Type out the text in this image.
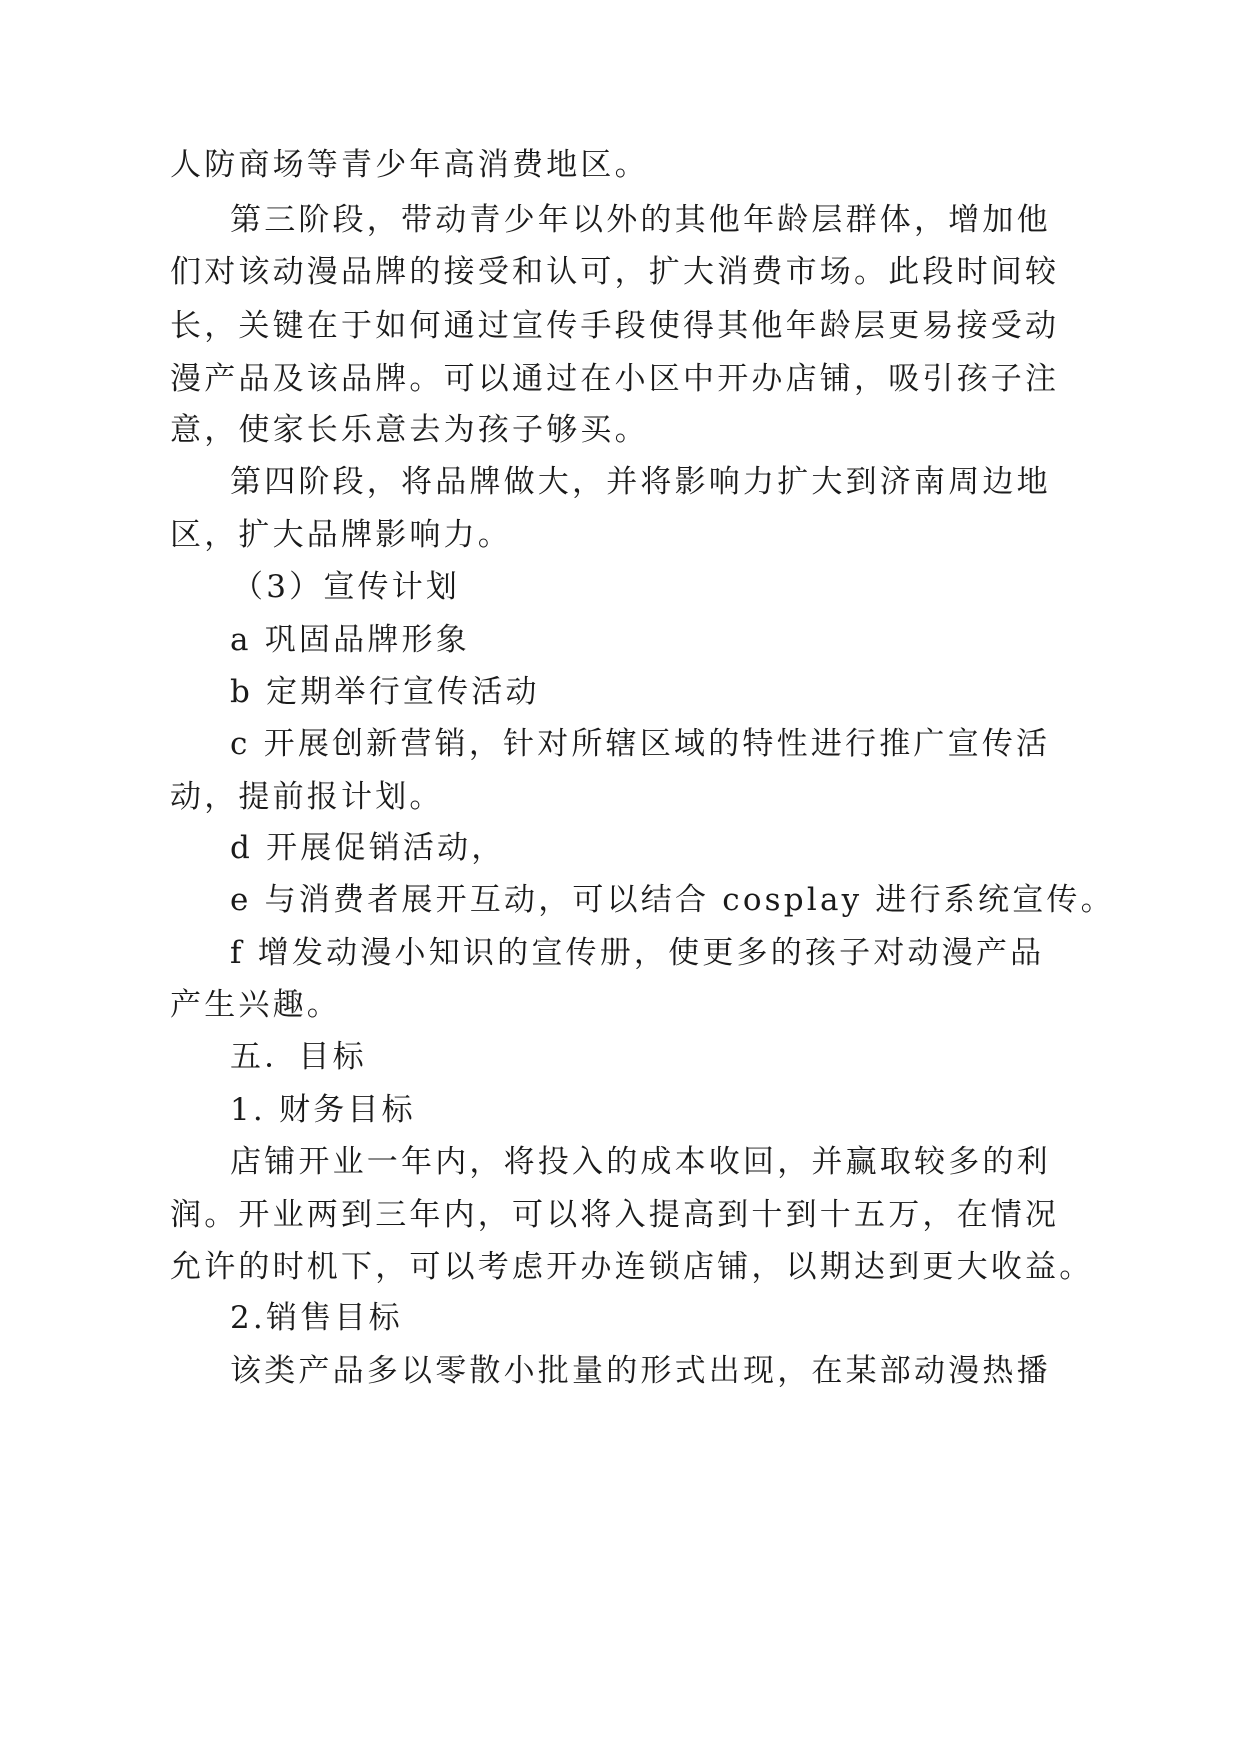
人防商场等青少年高消费地区。
第三阶段，带动青少年以外的其他年龄层群体，增加他
们对该动漫品牌的接受和认可，扩大消费市场。此段时间较
长，关键在于如何通过宣传手段使得其他年龄层更易接受动
漫产品及该品牌。可以通过在小区中开办店铺，吸引孩子注
意，使家长乐意去为孩子够买。
第四阶段，将品牌做大，并将影响力扩大到济南周边地
区，扩大品牌影响力。
（3）宣传计划
a 巩固品牌形象
b 定期举行宣传活动
c 开展创新营销，针对所辖区域的特性进行推广宣传活
动，提前报计划。
d 开展促销活动，
e 与消费者展开互动，可以结合 cosplay 进行系统宣传。
f 增发动漫小知识的宣传册，使更多的孩子对动漫产品
产生兴趣。
五．目标
1. 财务目标
店铺开业一年内，将投入的成本收回，并赢取较多的利
润。开业两到三年内，可以将入提高到十到十五万，在情况
允许的时机下，可以考虑开办连锁店铺，以期达到更大收益。
2.销售目标
该类产品多以零散小批量的形式出现，在某部动漫热播
